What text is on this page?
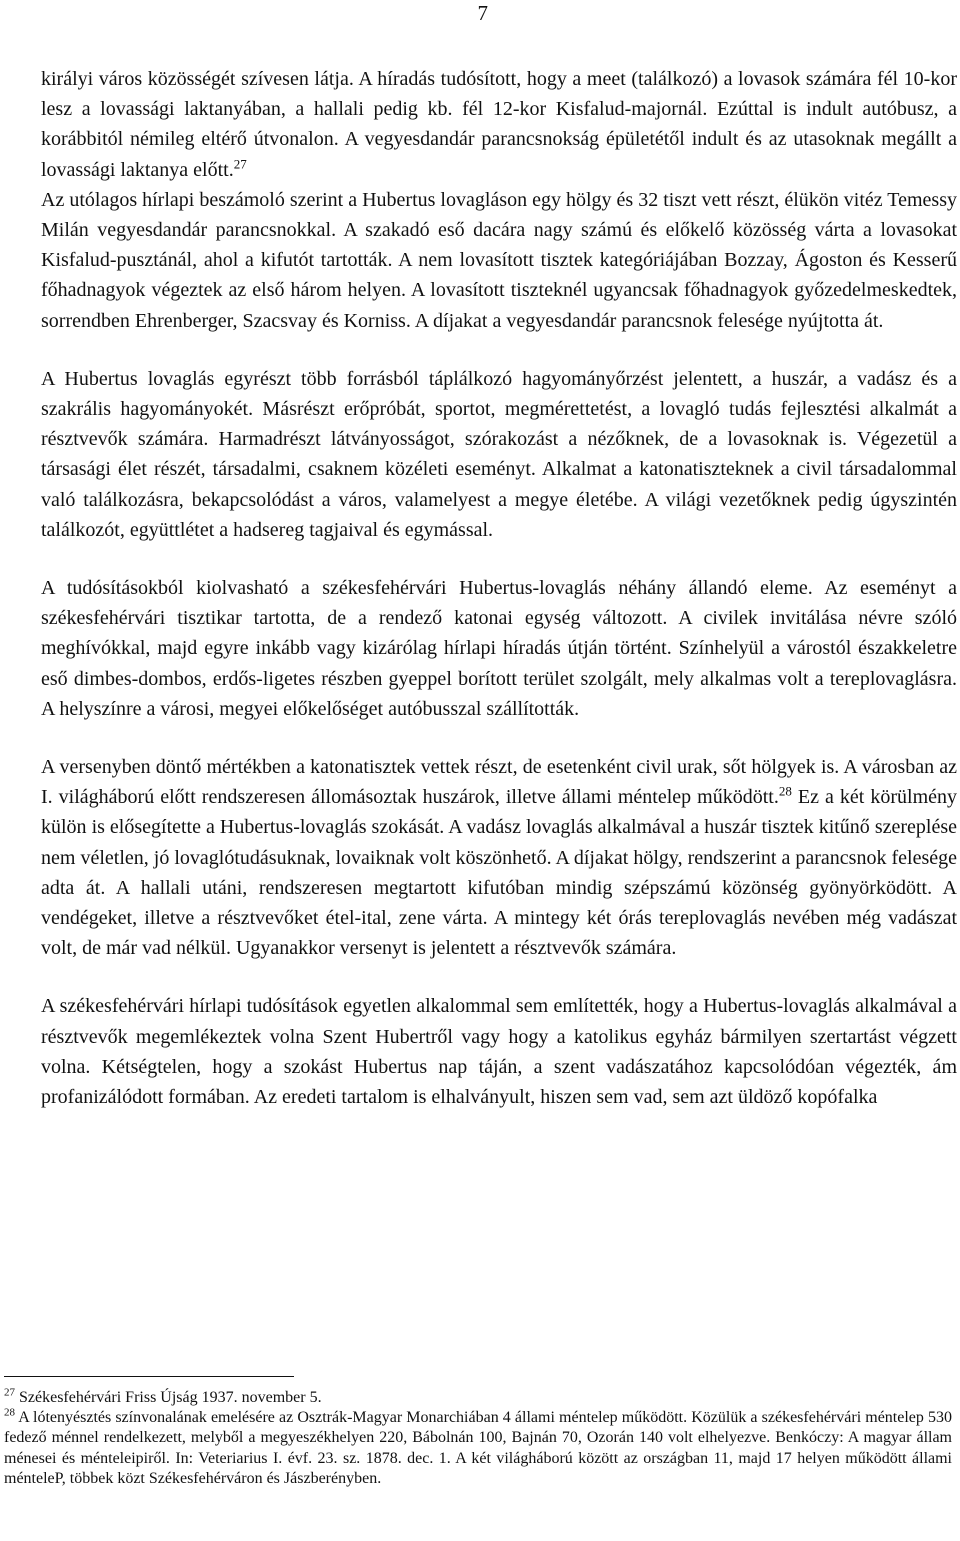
7

királyi város közösségét szívesen látja. A híradás tudósított, hogy a meet (találkozó) a lovasok számára fél 10-kor lesz a lovassági laktanyában, a hallali pedig kb. fél 12-kor Kisfalud-majornál. Ezúttal is indult autóbusz, a korábbitól némileg eltérő útvonalon. A vegyesdandár parancsnokság épületétől indult és az utasoknak megállt a lovassági laktanya előtt.$^{27}$
Az utólagos hírlapi beszámoló szerint a Hubertus lovagláson egy hölgy és 32 tiszt vett részt, élükön vitéz Temessy Milán vegyesdandár parancsnokkal. A szakadó eső dacára nagy számú és előkelő közösség várta a lovasokat Kisfalud-pusztánál, ahol a kifutót tartották. A nem lovasított tisztek kategóriájában Bozzay, Ágoston és Kesserű főhadnagyok végeztek az első három helyen. A lovasított tiszteknél ugyancsak főhadnagyok győzedelmeskedtek, sorrendben Ehrenberger, Szacsvay és Korniss. A díjakat a vegyesdandár parancsnok felesége nyújtotta át.

A Hubertus lovaglás egyrészt több forrásból táplálkozó hagyományőrzést jelentett, a huszár, a vadász és a szakrális hagyományokét. Másrészt erőpróbát, sportot, megmérettetést, a lovagló tudás fejlesztési alkalmát a résztvevők számára. Harmadrészt látványosságot, szórakozást a nézőknek, de a lovasoknak is. Végezetül a társasági élet részét, társadalmi, csaknem közéleti eseményt. Alkalmat a katonatiszteknek a civil társadalommal való találkozásra, bekapcsolódást a város, valamelyest a megye életébe. A világi vezetőknek pedig úgyszintén találkozót, együttlétet a hadsereg tagjaival és egymással.

A tudósításokból kiolvasható a székesfehérvári Hubertus-lovaglás néhány állandó eleme. Az eseményt a székesfehérvári tisztikar tartotta, de a rendező katonai egység változott. A civilek invitálása névre szóló meghívókkal, majd egyre inkább vagy kizárólag hírlapi híradás útján történt. Színhelyül a várostól északkeletre eső dimbes-dombos, erdős-ligetes részben gyeppel borított terület szolgált, mely alkalmas volt a tereplovaglásra. A helyszínre a városi, megyei előkelőséget autóbusszal szállították.

A versenyben döntő mértékben a katonatisztek vettek részt, de esetenként civil urak, sőt hölgyek is. A városban az I. világháború előtt rendszeresen állomásoztak huszárok, illetve állami méntelep működött.$^{28}$ Ez a két körülmény külön is elősegítette a Hubertus-lovaglás szokását. A vadász lovaglás alkalmával a huszár tisztek kitűnő szereplése nem véletlen, jó lovaglótudásuknak, lovaiknak volt köszönhető. A díjakat hölgy, rendszerint a parancsnok felesége adta át. A hallali utáni, rendszeresen megtartott kifutóban mindig szépszámú közönség gyönyörködött. A vendégeket, illetve a résztvevőket étel-ital, zene várta. A mintegy két órás tereplovaglás nevében még vadászat volt, de már vad nélkül. Ugyanakkor versenyt is jelentett a résztvevők számára.

A székesfehérvári hírlapi tudósítások egyetlen alkalommal sem említették, hogy a Hubertus-lovaglás alkalmával a résztvevők megemlékeztek volna Szent Hubertről vagy hogy a katolikus egyház bármilyen szertartást végzett volna. Kétségtelen, hogy a szokást Hubertus nap táján, a szent vadászatához kapcsolódóan végezték, ám profanizálódott formában. Az eredeti tartalom is elhalványult, hiszen sem vad, sem azt üldöző kopófalka

$^{27}$ Székesfehérvári Friss Újság 1937. november 5.

$^{28}$ A lótenyésztés színvonalának emelésére az Osztrák-Magyar Monarchiában 4 állami méntelep működött. Közülük a székesfehérvári méntelep 530 fedező ménnel rendelkezett, melyből a megyeszékhelyen 220, Bábolnán 100, Bajnán 70, Ozorán 140 volt elhelyezve. Benkóczy: A magyar állam ménesei és ménteleipiről. In: Veteriarius I. évf. 23. sz. 1878. dec. 1. A két világháború között az országban 11, majd 17 helyen működött állami ménteleP, többek közt Székesfehérváron és Jászberényben.
